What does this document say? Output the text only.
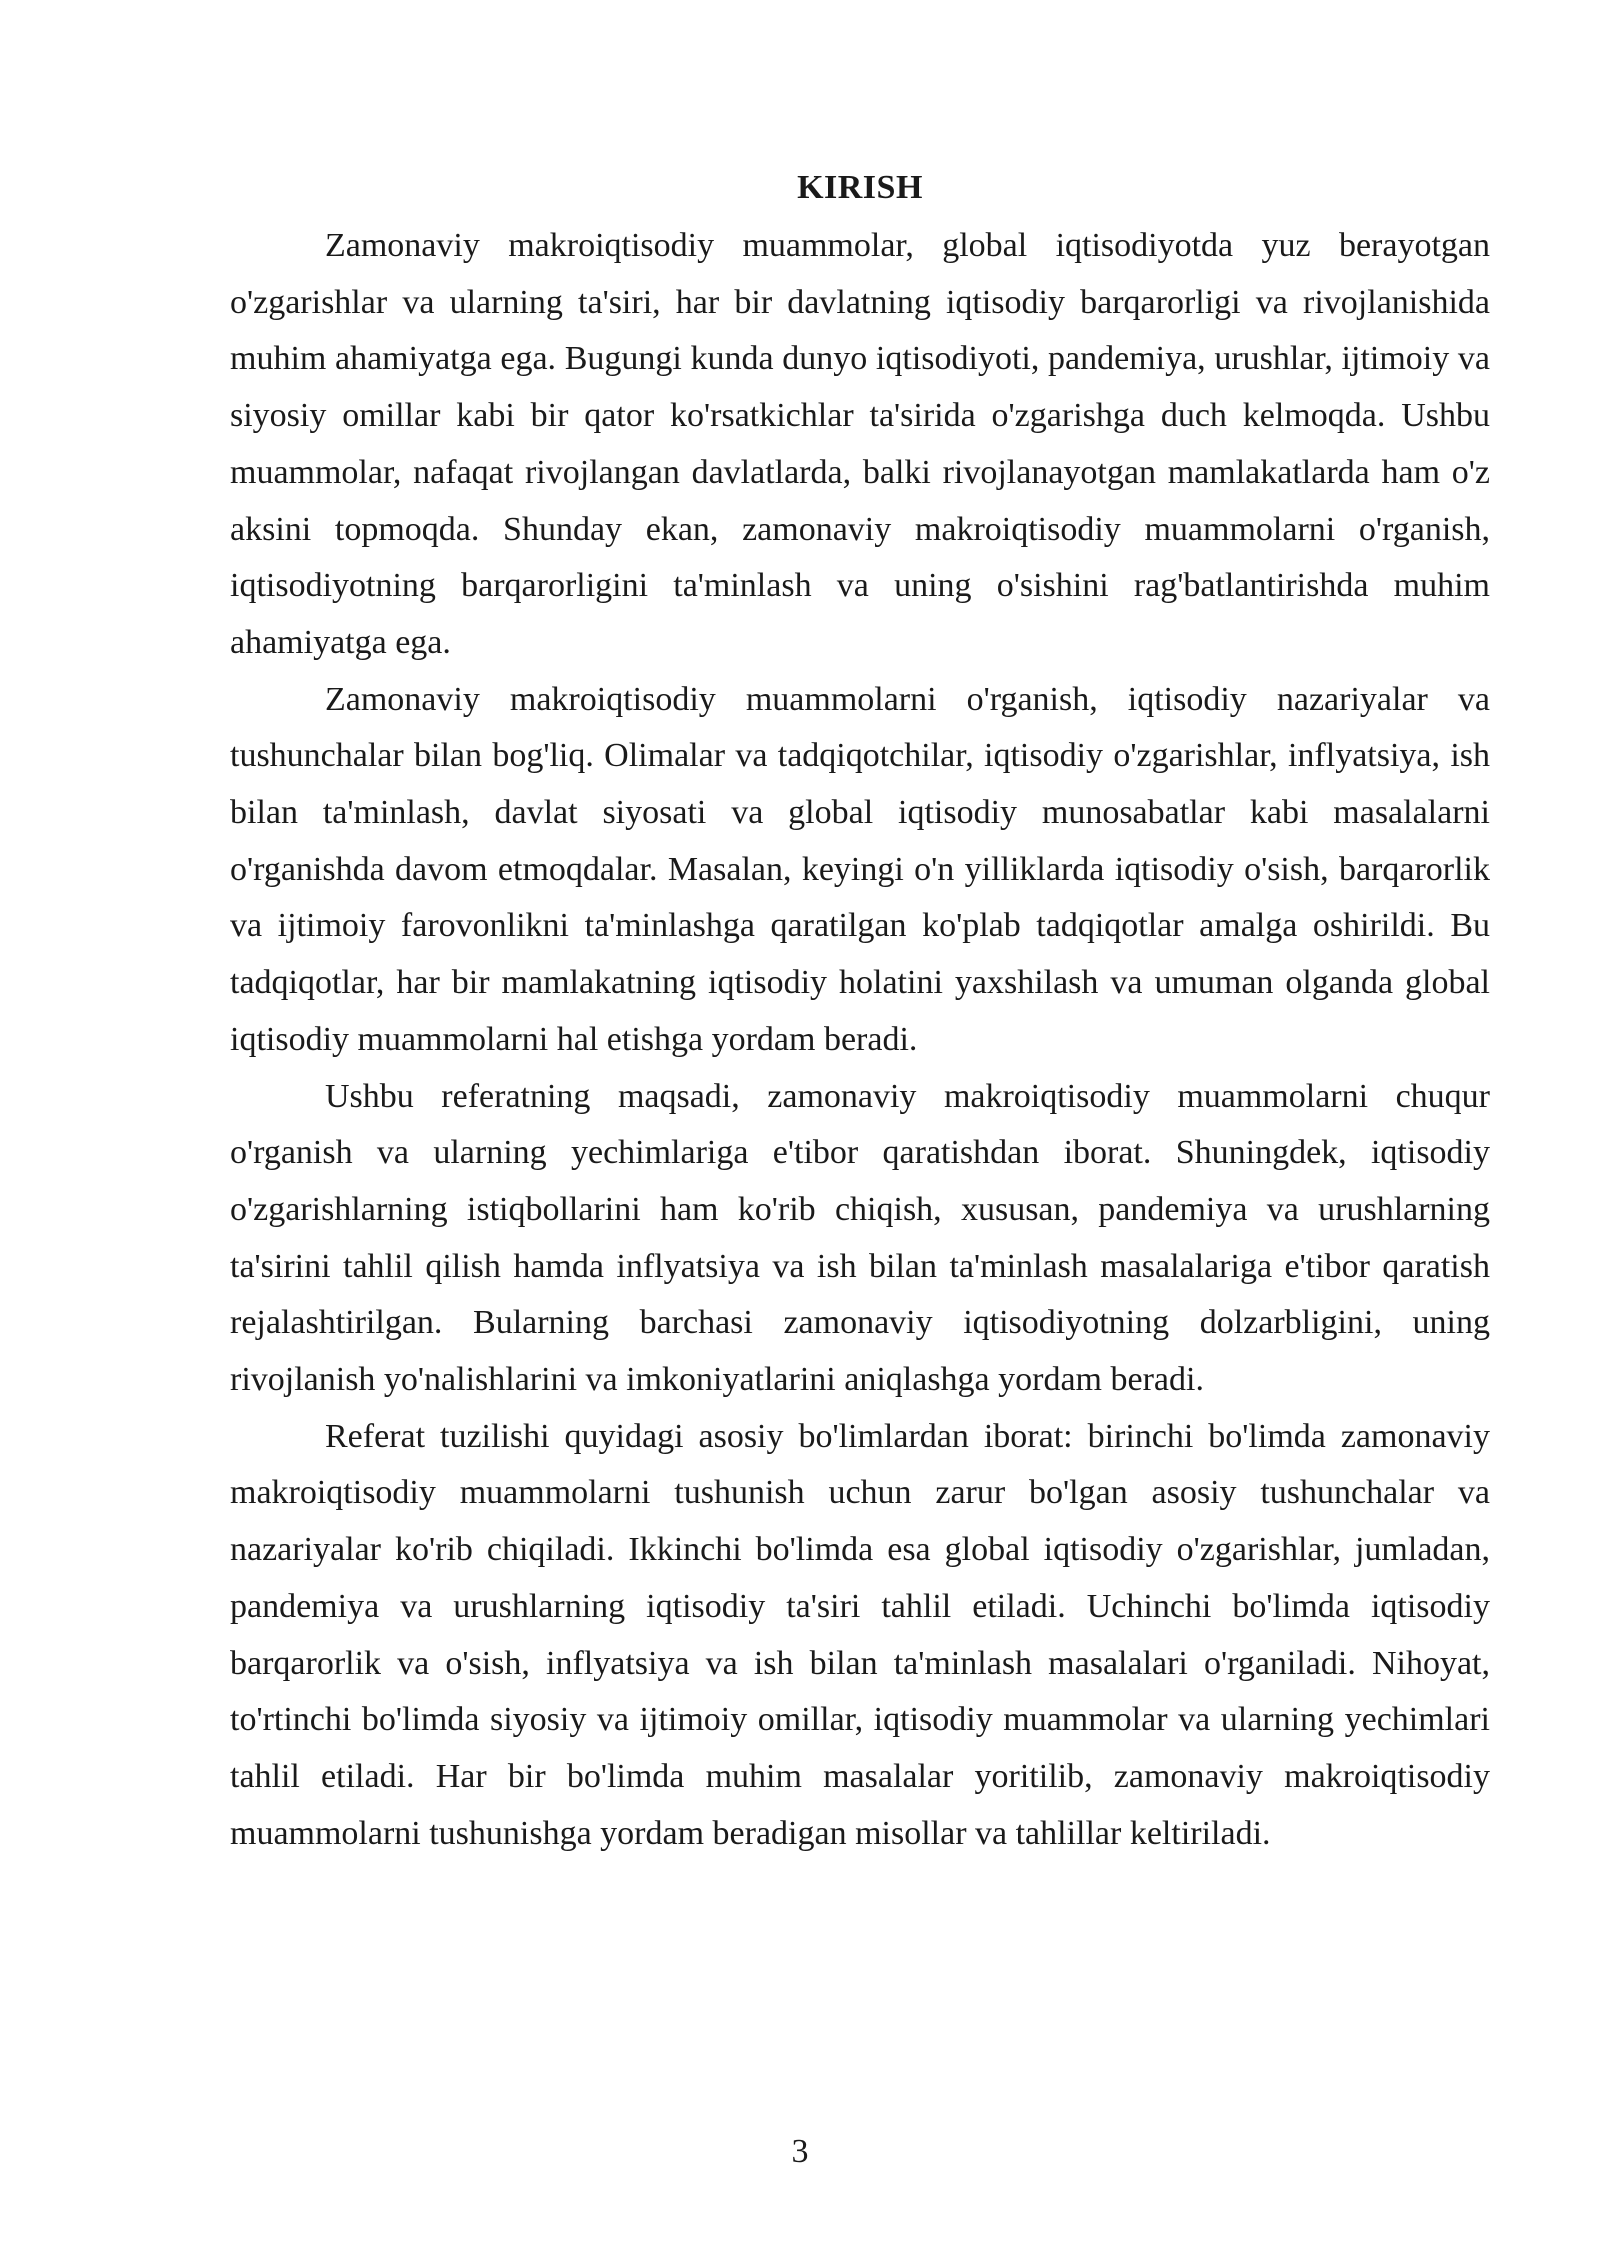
KIRISH

Zamonaviy makroiqtisodiy muammolar, global iqtisodiyotda yuz berayotgan o'zgarishlar va ularning ta'siri, har bir davlatning iqtisodiy barqarorligi va rivojlanishida muhim ahamiyatga ega. Bugungi kunda dunyo iqtisodiyoti, pandemiya, urushlar, ijtimoiy va siyosiy omillar kabi bir qator ko'rsatkichlar ta'sirida o'zgarishga duch kelmoqda. Ushbu muammolar, nafaqat rivojlangan davlatlarda, balki rivojlanayotgan mamlakatlarda ham o'z aksini topmoqda. Shunday ekan, zamonaviy makroiqtisodiy muammolarni o'rganish, iqtisodiyotning barqarorligini ta'minlash va uning o'sishini rag'batlantirishda muhim ahamiyatga ega.

Zamonaviy makroiqtisodiy muammolarni o'rganish, iqtisodiy nazariyalar va tushunchalar bilan bog'liq. Olimalar va tadqiqotchilar, iqtisodiy o'zgarishlar, inflyatsiya, ish bilan ta'minlash, davlat siyosati va global iqtisodiy munosabatlar kabi masalalarni o'rganishda davom etmoqdalar. Masalan, keyingi o'n yilliklarda iqtisodiy o'sish, barqarorlik va ijtimoiy farovonlikni ta'minlashga qaratilgan ko'plab tadqiqotlar amalga oshirildi. Bu tadqiqotlar, har bir mamlakatning iqtisodiy holatini yaxshilash va umuman olganda global iqtisodiy muammolarni hal etishga yordam beradi.

Ushbu referatning maqsadi, zamonaviy makroiqtisodiy muammolarni chuqur o'rganish va ularning yechimlariga e'tibor qaratishdan iborat. Shuningdek, iqtisodiy o'zgarishlarning istiqbollarini ham ko'rib chiqish, xususan, pandemiya va urushlarning ta'sirini tahlil qilish hamda inflyatsiya va ish bilan ta'minlash masalalariga e'tibor qaratish rejalashtirilgan. Bularning barchasi zamonaviy iqtisodiyotning dolzarbligini, uning rivojlanish yo'nalishlarini va imkoniyatlarini aniqlashga yordam beradi.

Referat tuzilishi quyidagi asosiy bo'limlardan iborat: birinchi bo'limda zamonaviy makroiqtisodiy muammolarni tushunish uchun zarur bo'lgan asosiy tushunchalar va nazariyalar ko'rib chiqiladi. Ikkinchi bo'limda esa global iqtisodiy o'zgarishlar, jumladan, pandemiya va urushlarning iqtisodiy ta'siri tahlil etiladi. Uchinchi bo'limda iqtisodiy barqarorlik va o'sish, inflyatsiya va ish bilan ta'minlash masalalari o'rganiladi. Nihoyat, to'rtinchi bo'limda siyosiy va ijtimoiy omillar, iqtisodiy muammolar va ularning yechimlari tahlil etiladi. Har bir bo'limda muhim masalalar yoritilib, zamonaviy makroiqtisodiy muammolarni tushunishga yordam beradigan misollar va tahlillar keltiriladi.

3
